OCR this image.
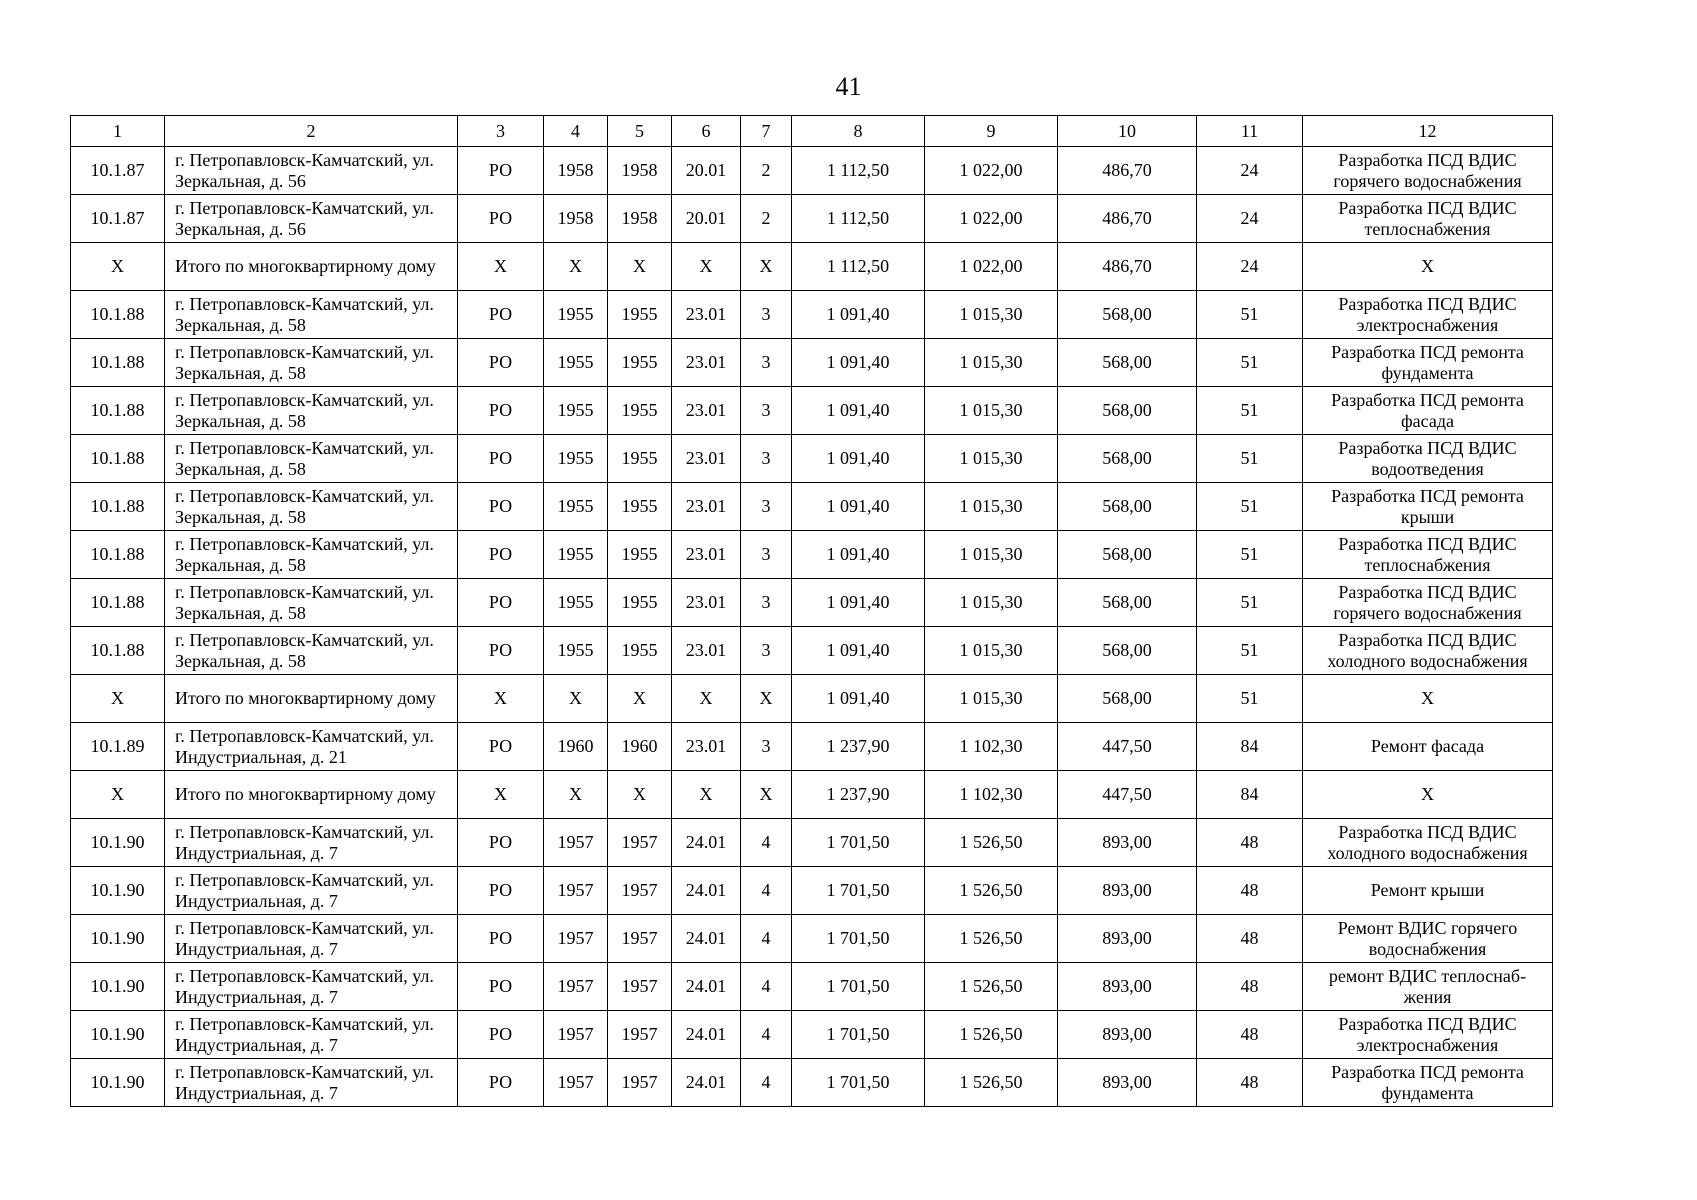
41
1	2	3	4	5	6	7	8	9	10	11	12
10.1.87	г. Петропавловск-Камчатский, ул. Зеркальная, д. 56	РО	1958	1958	20.01	2	1 112,50	1 022,00	486,70	24	Разработка ПСД ВДИС горячего водоснабжения
10.1.87	г. Петропавловск-Камчатский, ул. Зеркальная, д. 56	РО	1958	1958	20.01	2	1 112,50	1 022,00	486,70	24	Разработка ПСД ВДИС теплоснабжения
Х	Итого по многоквартирному дому	Х	Х	Х	Х	Х	1 112,50	1 022,00	486,70	24	Х
10.1.88	г. Петропавловск-Камчатский, ул. Зеркальная, д. 58	РО	1955	1955	23.01	3	1 091,40	1 015,30	568,00	51	Разработка ПСД ВДИС электроснабжения
10.1.88	г. Петропавловск-Камчатский, ул. Зеркальная, д. 58	РО	1955	1955	23.01	3	1 091,40	1 015,30	568,00	51	Разработка ПСД ремонта фундамента
10.1.88	г. Петропавловск-Камчатский, ул. Зеркальная, д. 58	РО	1955	1955	23.01	3	1 091,40	1 015,30	568,00	51	Разработка ПСД ремонта фасада
10.1.88	г. Петропавловск-Камчатский, ул. Зеркальная, д. 58	РО	1955	1955	23.01	3	1 091,40	1 015,30	568,00	51	Разработка ПСД ВДИС водоотведения
10.1.88	г. Петропавловск-Камчатский, ул. Зеркальная, д. 58	РО	1955	1955	23.01	3	1 091,40	1 015,30	568,00	51	Разработка ПСД ремонта крыши
10.1.88	г. Петропавловск-Камчатский, ул. Зеркальная, д. 58	РО	1955	1955	23.01	3	1 091,40	1 015,30	568,00	51	Разработка ПСД ВДИС теплоснабжения
10.1.88	г. Петропавловск-Камчатский, ул. Зеркальная, д. 58	РО	1955	1955	23.01	3	1 091,40	1 015,30	568,00	51	Разработка ПСД ВДИС горячего водоснабжения
10.1.88	г. Петропавловск-Камчатский, ул. Зеркальная, д. 58	РО	1955	1955	23.01	3	1 091,40	1 015,30	568,00	51	Разработка ПСД ВДИС холодного водоснабжения
Х	Итого по многоквартирному дому	Х	Х	Х	Х	Х	1 091,40	1 015,30	568,00	51	Х
10.1.89	г. Петропавловск-Камчатский, ул. Индустриальная, д. 21	РО	1960	1960	23.01	3	1 237,90	1 102,30	447,50	84	Ремонт фасада
Х	Итого по многоквартирному дому	Х	Х	Х	Х	Х	1 237,90	1 102,30	447,50	84	Х
10.1.90	г. Петропавловск-Камчатский, ул. Индустриальная, д. 7	РО	1957	1957	24.01	4	1 701,50	1 526,50	893,00	48	Разработка ПСД ВДИС холодного водоснабжения
10.1.90	г. Петропавловск-Камчатский, ул. Индустриальная, д. 7	РО	1957	1957	24.01	4	1 701,50	1 526,50	893,00	48	Ремонт крыши
10.1.90	г. Петропавловск-Камчатский, ул. Индустриальная, д. 7	РО	1957	1957	24.01	4	1 701,50	1 526,50	893,00	48	Ремонт ВДИС горячего водоснабжения
10.1.90	г. Петропавловск-Камчатский, ул. Индустриальная, д. 7	РО	1957	1957	24.01	4	1 701,50	1 526,50	893,00	48	ремонт ВДИС теплоснаб-жения
10.1.90	г. Петропавловск-Камчатский, ул. Индустриальная, д. 7	РО	1957	1957	24.01	4	1 701,50	1 526,50	893,00	48	Разработка ПСД ВДИС электроснабжения
10.1.90	г. Петропавловск-Камчатский, ул. Индустриальная, д. 7	РО	1957	1957	24.01	4	1 701,50	1 526,50	893,00	48	Разработка ПСД ремонта фундамента
